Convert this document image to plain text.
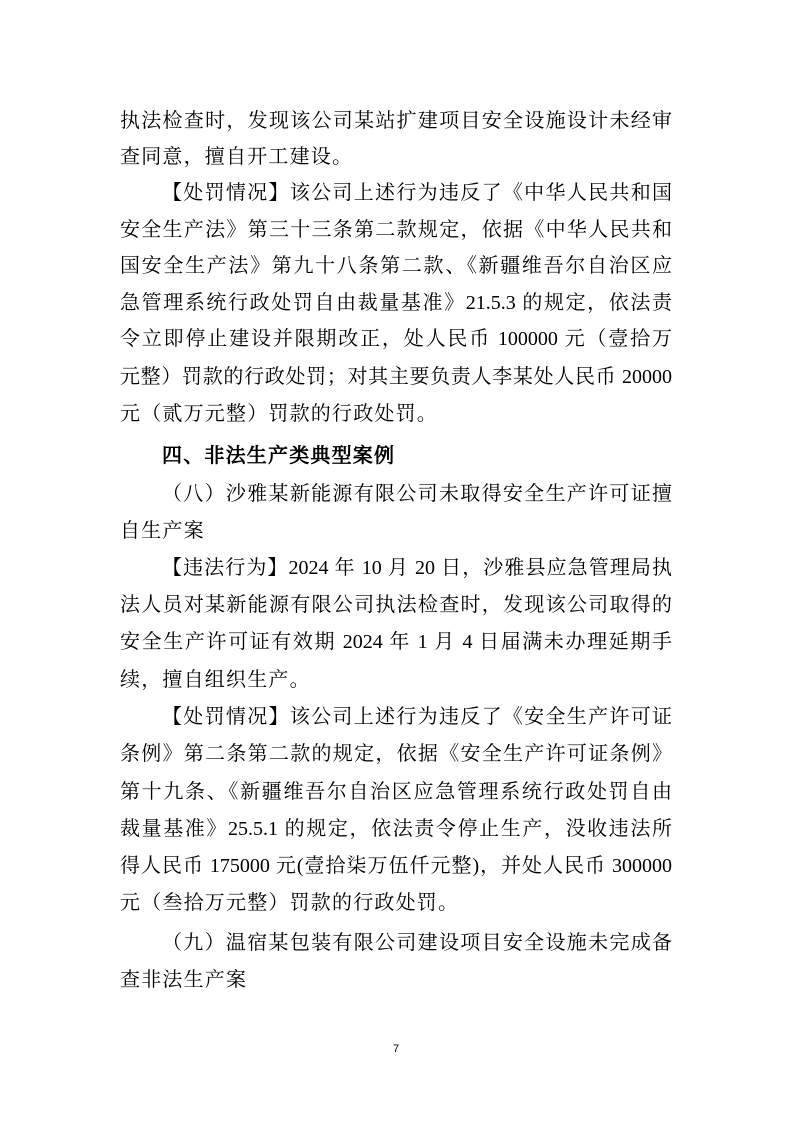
执法检查时，发现该公司某站扩建项目安全设施设计未经审
查同意，擅自开工建设。
【处罚情况】该公司上述行为违反了《中华人民共和国
安全生产法》第三十三条第二款规定，依据《中华人民共和
国安全生产法》第九十八条第二款、《新疆维吾尔自治区应
急管理系统行政处罚自由裁量基准》21.5.3 的规定，依法责
令立即停止建设并限期改正，处人民币 100000 元（壹拾万
元整）罚款的行政处罚；对其主要负责人李某处人民币 20000
元（贰万元整）罚款的行政处罚。
四、非法生产类典型案例
（八）沙雅某新能源有限公司未取得安全生产许可证擅
自生产案
【违法行为】2024 年 10 月 20 日，沙雅县应急管理局执
法人员对某新能源有限公司执法检查时，发现该公司取得的
安全生产许可证有效期 2024 年 1 月 4 日届满未办理延期手
续，擅自组织生产。
【处罚情况】该公司上述行为违反了《安全生产许可证
条例》第二条第二款的规定，依据《安全生产许可证条例》
第十九条、《新疆维吾尔自治区应急管理系统行政处罚自由
裁量基准》25.5.1 的规定，依法责令停止生产，没收违法所
得人民币 175000 元(壹拾柒万伍仟元整)，并处人民币 300000
元（叁拾万元整）罚款的行政处罚。
（九）温宿某包装有限公司建设项目安全设施未完成备
查非法生产案
7
